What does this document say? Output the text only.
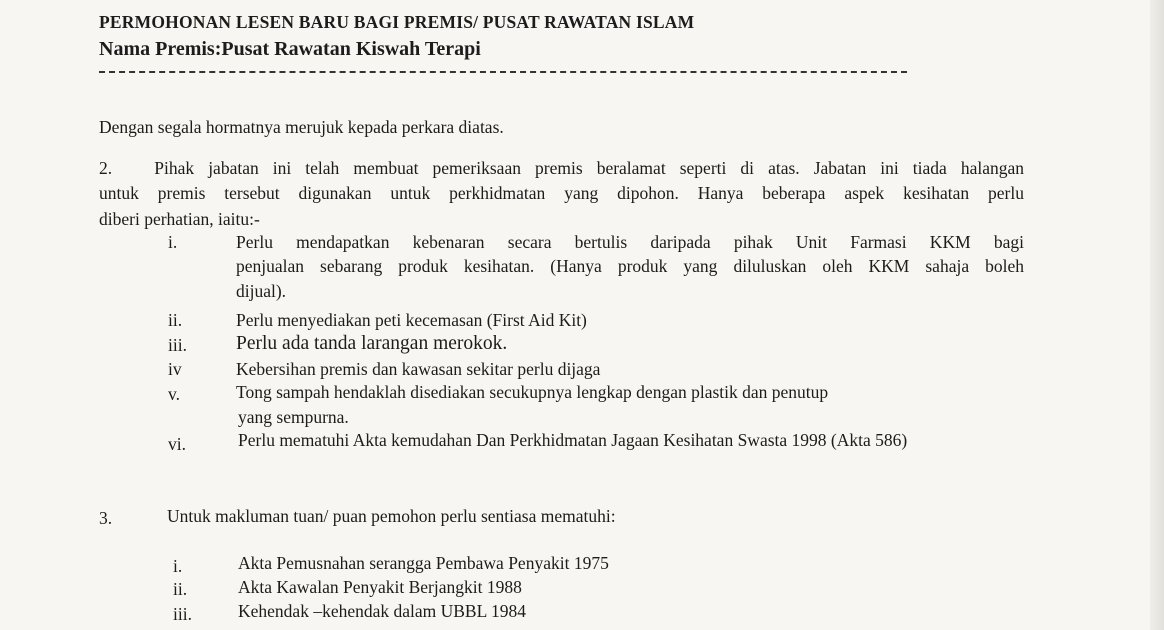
PERMOHONAN LESEN BARU BAGI PREMIS/ PUSAT RAWATAN ISLAM
Nama Premis:Pusat Rawatan Kiswah Terapi
Dengan segala hormatnya merujuk kepada perkara diatas.
2. Pihak jabatan ini telah membuat pemeriksaan premis beralamat seperti di atas. Jabatan ini tiada halangan
untuk premis tersebut digunakan untuk perkhidmatan yang dipohon. Hanya beberapa aspek kesihatan perlu
diberi perhatian, iaitu:-
i.	Perlu mendapatkan kebenaran secara bertulis daripada pihak Unit Farmasi KKM bagi
penjualan sebarang produk kesihatan. (Hanya produk yang diluluskan oleh KKM sahaja boleh
dijual).
ii.	Perlu menyediakan peti kecemasan (First Aid Kit)
iii.	Perlu ada tanda larangan merokok.
iv	Kebersihan premis dan kawasan sekitar perlu dijaga
v.	Tong sampah hendaklah disediakan secukupnya lengkap dengan plastik dan penutup
yang sempurna.
vi.	Perlu mematuhi Akta kemudahan Dan Perkhidmatan Jagaan Kesihatan Swasta 1998 (Akta 586)
3.	Untuk makluman tuan/ puan pemohon perlu sentiasa mematuhi:
i.	Akta Pemusnahan serangga Pembawa Penyakit 1975
ii.	Akta Kawalan Penyakit Berjangkit 1988
iii.	Kehendak –kehendak dalam UBBL 1984
